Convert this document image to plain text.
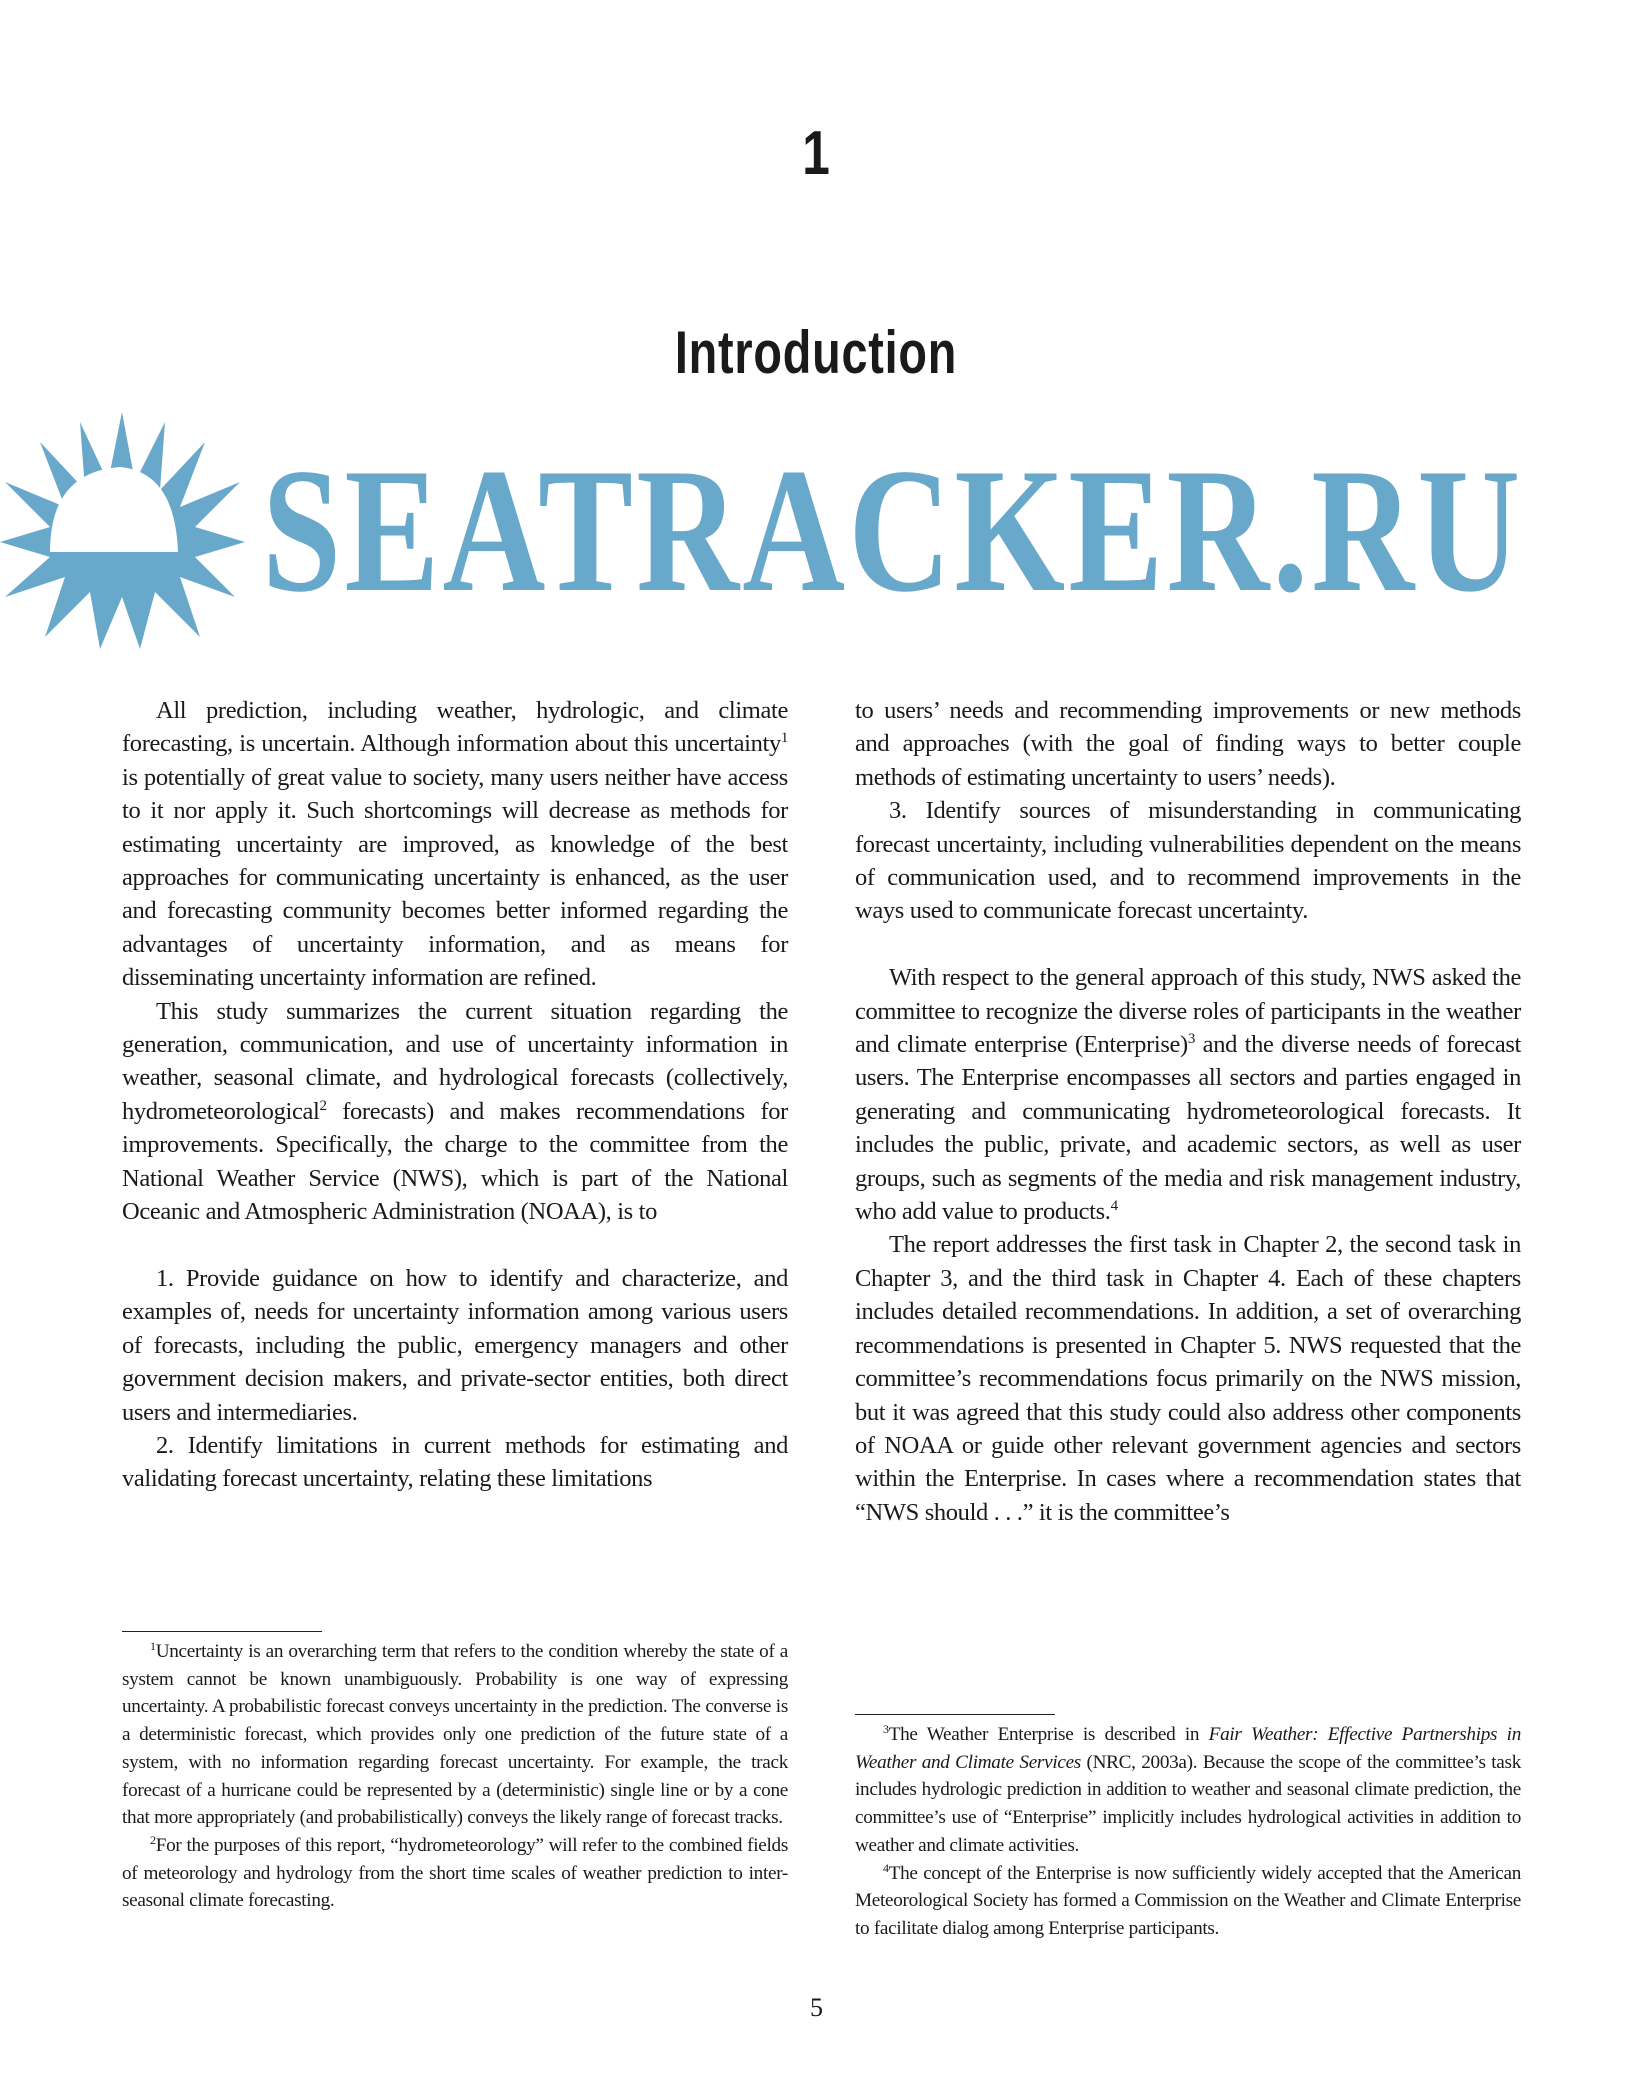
1
Introduction

All prediction, including weather, hydrologic, and climate forecasting, is uncertain. Although information about this uncertainty$^1$ is potentially of great value to society, many users neither have access to it nor apply it. Such shortcomings will decrease as methods for estimating uncertainty are improved, as knowledge of the best approaches for communicating uncertainty is enhanced, as the user and forecasting community becomes better informed regarding the advantages of uncertainty information, and as means for disseminating uncertainty information are refined.

This study summarizes the current situation regarding the generation, communication, and use of uncertainty information in weather, seasonal climate, and hydrological forecasts (collectively, hydrometeorological$^2$ forecasts) and makes recommendations for improvements. Specifically, the charge to the committee from the National Weather Service (NWS), which is part of the National Oceanic and Atmospheric Administration (NOAA), is to

1. Provide guidance on how to identify and characterize, and examples of, needs for uncertainty information among various users of forecasts, including the public, emergency managers and other government decision makers, and private-sector entities, both direct users and intermediaries.

2. Identify limitations in current methods for estimating and validating forecast uncertainty, relating these limitations

to users’ needs and recommending improvements or new methods and approaches (with the goal of finding ways to better couple methods of estimating uncertainty to users’ needs).

3. Identify sources of misunderstanding in communicating forecast uncertainty, including vulnerabilities dependent on the means of communication used, and to recommend improvements in the ways used to communicate forecast uncertainty.

With respect to the general approach of this study, NWS asked the committee to recognize the diverse roles of participants in the weather and climate enterprise (Enterprise)$^3$ and the diverse needs of forecast users. The Enterprise encompasses all sectors and parties engaged in generating and communicating hydrometeorological forecasts. It includes the public, private, and academic sectors, as well as user groups, such as segments of the media and risk management industry, who add value to products.$^4$

The report addresses the first task in Chapter 2, the second task in Chapter 3, and the third task in Chapter 4. Each of these chapters includes detailed recommendations. In addition, a set of overarching recommendations is presented in Chapter 5. NWS requested that the committee’s recommendations focus primarily on the NWS mission, but it was agreed that this study could also address other components of NOAA or guide other relevant government agencies and sectors within the Enterprise. In cases where a recommendation states that “NWS should . . .” it is the committee’s

$^1$Uncertainty is an overarching term that refers to the condition whereby the state of a system cannot be known unambiguously. Probability is one way of expressing uncertainty. A probabilistic forecast conveys uncertainty in the prediction. The converse is a deterministic forecast, which provides only one prediction of the future state of a system, with no information regarding forecast uncertainty. For example, the track forecast of a hurricane could be represented by a (deterministic) single line or by a cone that more appropriately (and probabilistically) conveys the likely range of forecast tracks.

$^2$For the purposes of this report, “hydrometeorology” will refer to the combined fields of meteorology and hydrology from the short time scales of weather prediction to inter-seasonal climate forecasting.

$^3$The Weather Enterprise is described in Fair Weather: Effective Partnerships in Weather and Climate Services (NRC, 2003a). Because the scope of the committee’s task includes hydrologic prediction in addition to weather and seasonal climate prediction, the committee’s use of “Enterprise” implicitly includes hydrological activities in addition to weather and climate activities.

$^4$The concept of the Enterprise is now sufficiently widely accepted that the American Meteorological Society has formed a Commission on the Weather and Climate Enterprise to facilitate dialog among Enterprise participants.

5
SEATRACKER.RU
